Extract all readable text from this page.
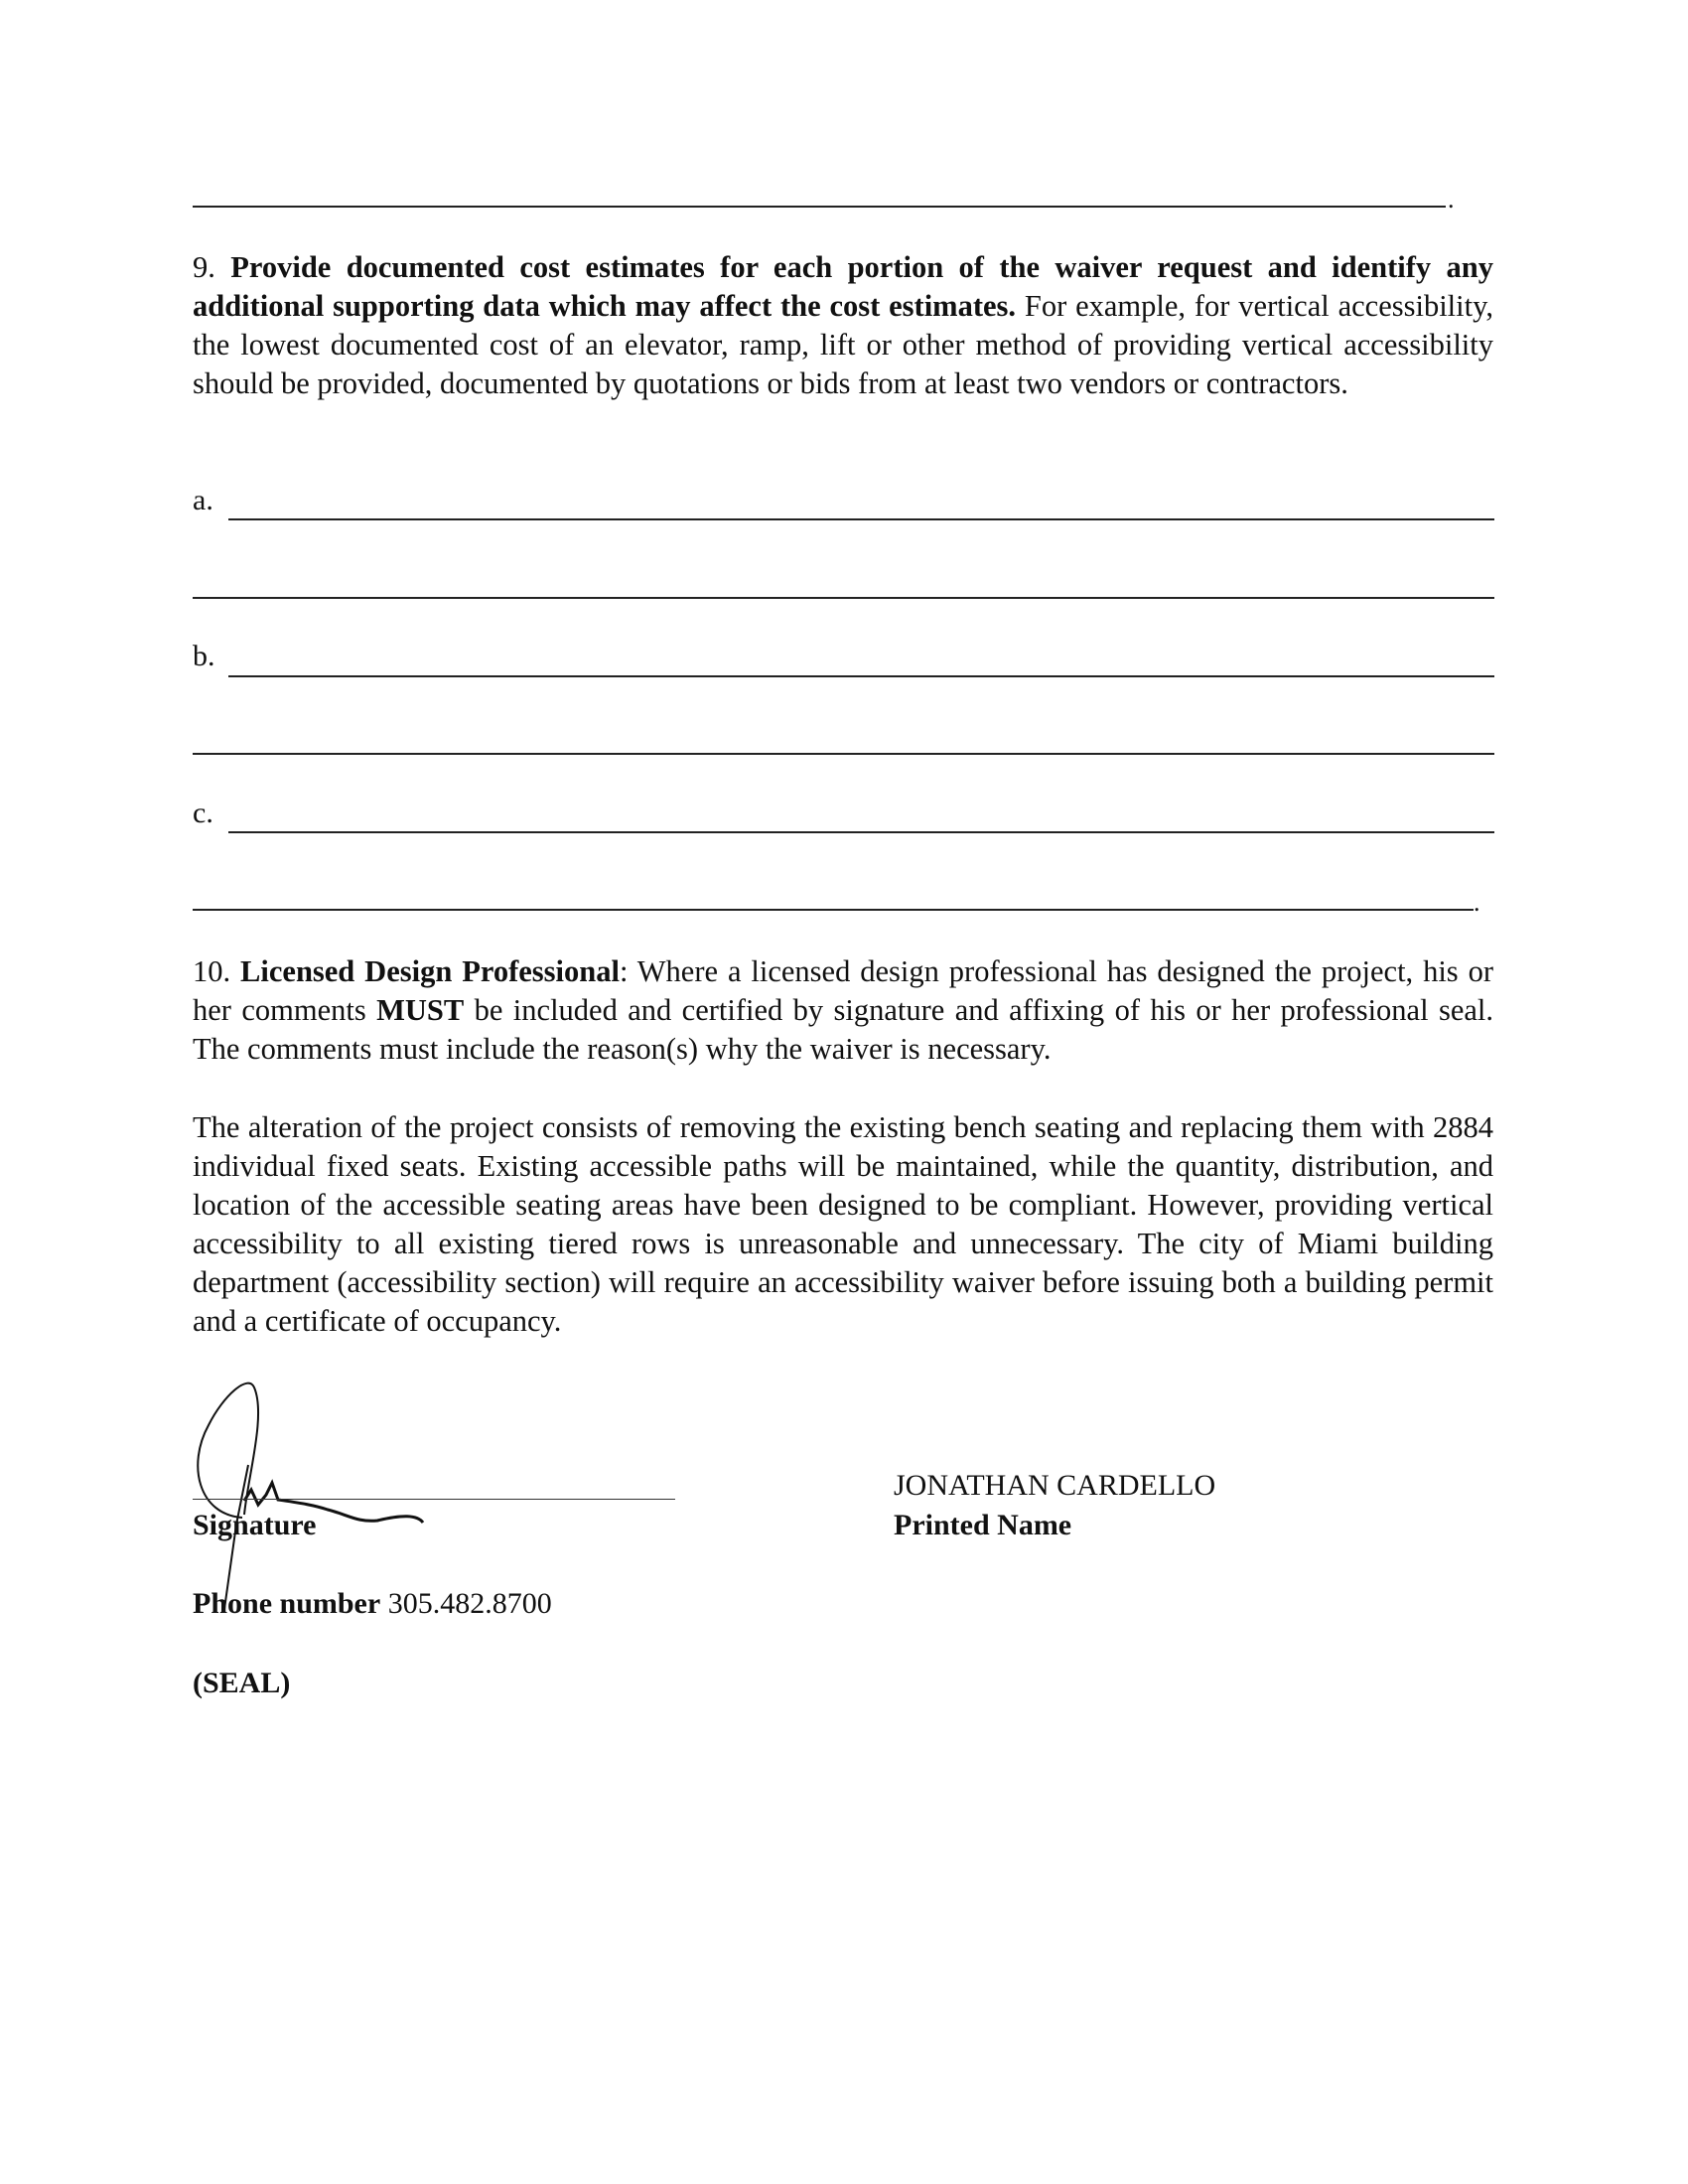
.
9. Provide documented cost estimates for each portion of the waiver request and identify any additional supporting data which may affect the cost estimates. For example, for vertical accessibility, the lowest documented cost of an elevator, ramp, lift or other method of providing vertical accessibility should be provided, documented by quotations or bids from at least two vendors or contractors.
a.
b.
c.
.
10. Licensed Design Professional: Where a licensed design professional has designed the project, his or her comments MUST be included and certified by signature and affixing of his or her professional seal. The comments must include the reason(s) why the waiver is necessary.
The alteration of the project consists of removing the existing bench seating and replacing them with 2884 individual fixed seats. Existing accessible paths will be maintained, while the quantity, distribution, and location of the accessible seating areas have been designed to be compliant. However, providing vertical accessibility to all existing tiered rows is unreasonable and unnecessary. The city of Miami building department (accessibility section) will require an accessibility waiver before issuing both a building permit and a certificate of occupancy.
Signature
JONATHAN CARDELLO
Printed Name
Phone number 305.482.8700
(SEAL)
